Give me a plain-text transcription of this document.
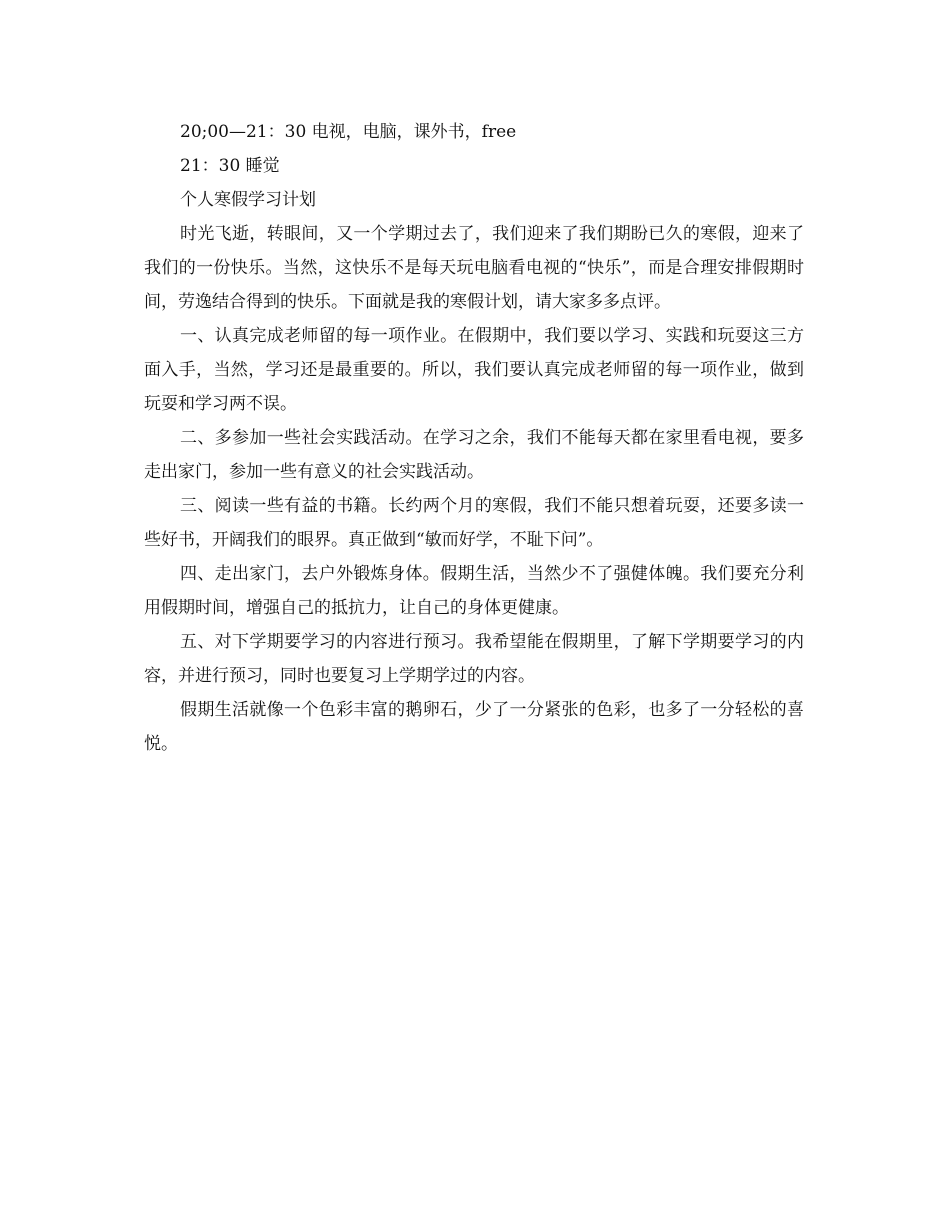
20;00—21：30 电视，电脑，课外书，free

21：30 睡觉

个人寒假学习计划

时光飞逝，转眼间，又一个学期过去了，我们迎来了我们期盼已久的寒假，迎来了我们的一份快乐。当然，这快乐不是每天玩电脑看电视的“快乐”，而是合理安排假期时间，劳逸结合得到的快乐。下面就是我的寒假计划，请大家多多点评。

一、认真完成老师留的每一项作业。在假期中，我们要以学习、实践和玩耍这三方面入手，当然，学习还是最重要的。所以，我们要认真完成老师留的每一项作业，做到玩耍和学习两不误。

二、多参加一些社会实践活动。在学习之余，我们不能每天都在家里看电视，要多走出家门，参加一些有意义的社会实践活动。

三、阅读一些有益的书籍。长约两个月的寒假，我们不能只想着玩耍，还要多读一些好书，开阔我们的眼界。真正做到“敏而好学，不耻下问”。

四、走出家门，去户外锻炼身体。假期生活，当然少不了强健体魄。我们要充分利用假期时间，增强自己的抵抗力，让自己的身体更健康。

五、对下学期要学习的内容进行预习。我希望能在假期里，了解下学期要学习的内容，并进行预习，同时也要复习上学期学过的内容。

假期生活就像一个色彩丰富的鹅卵石，少了一分紧张的色彩，也多了一分轻松的喜悦。
